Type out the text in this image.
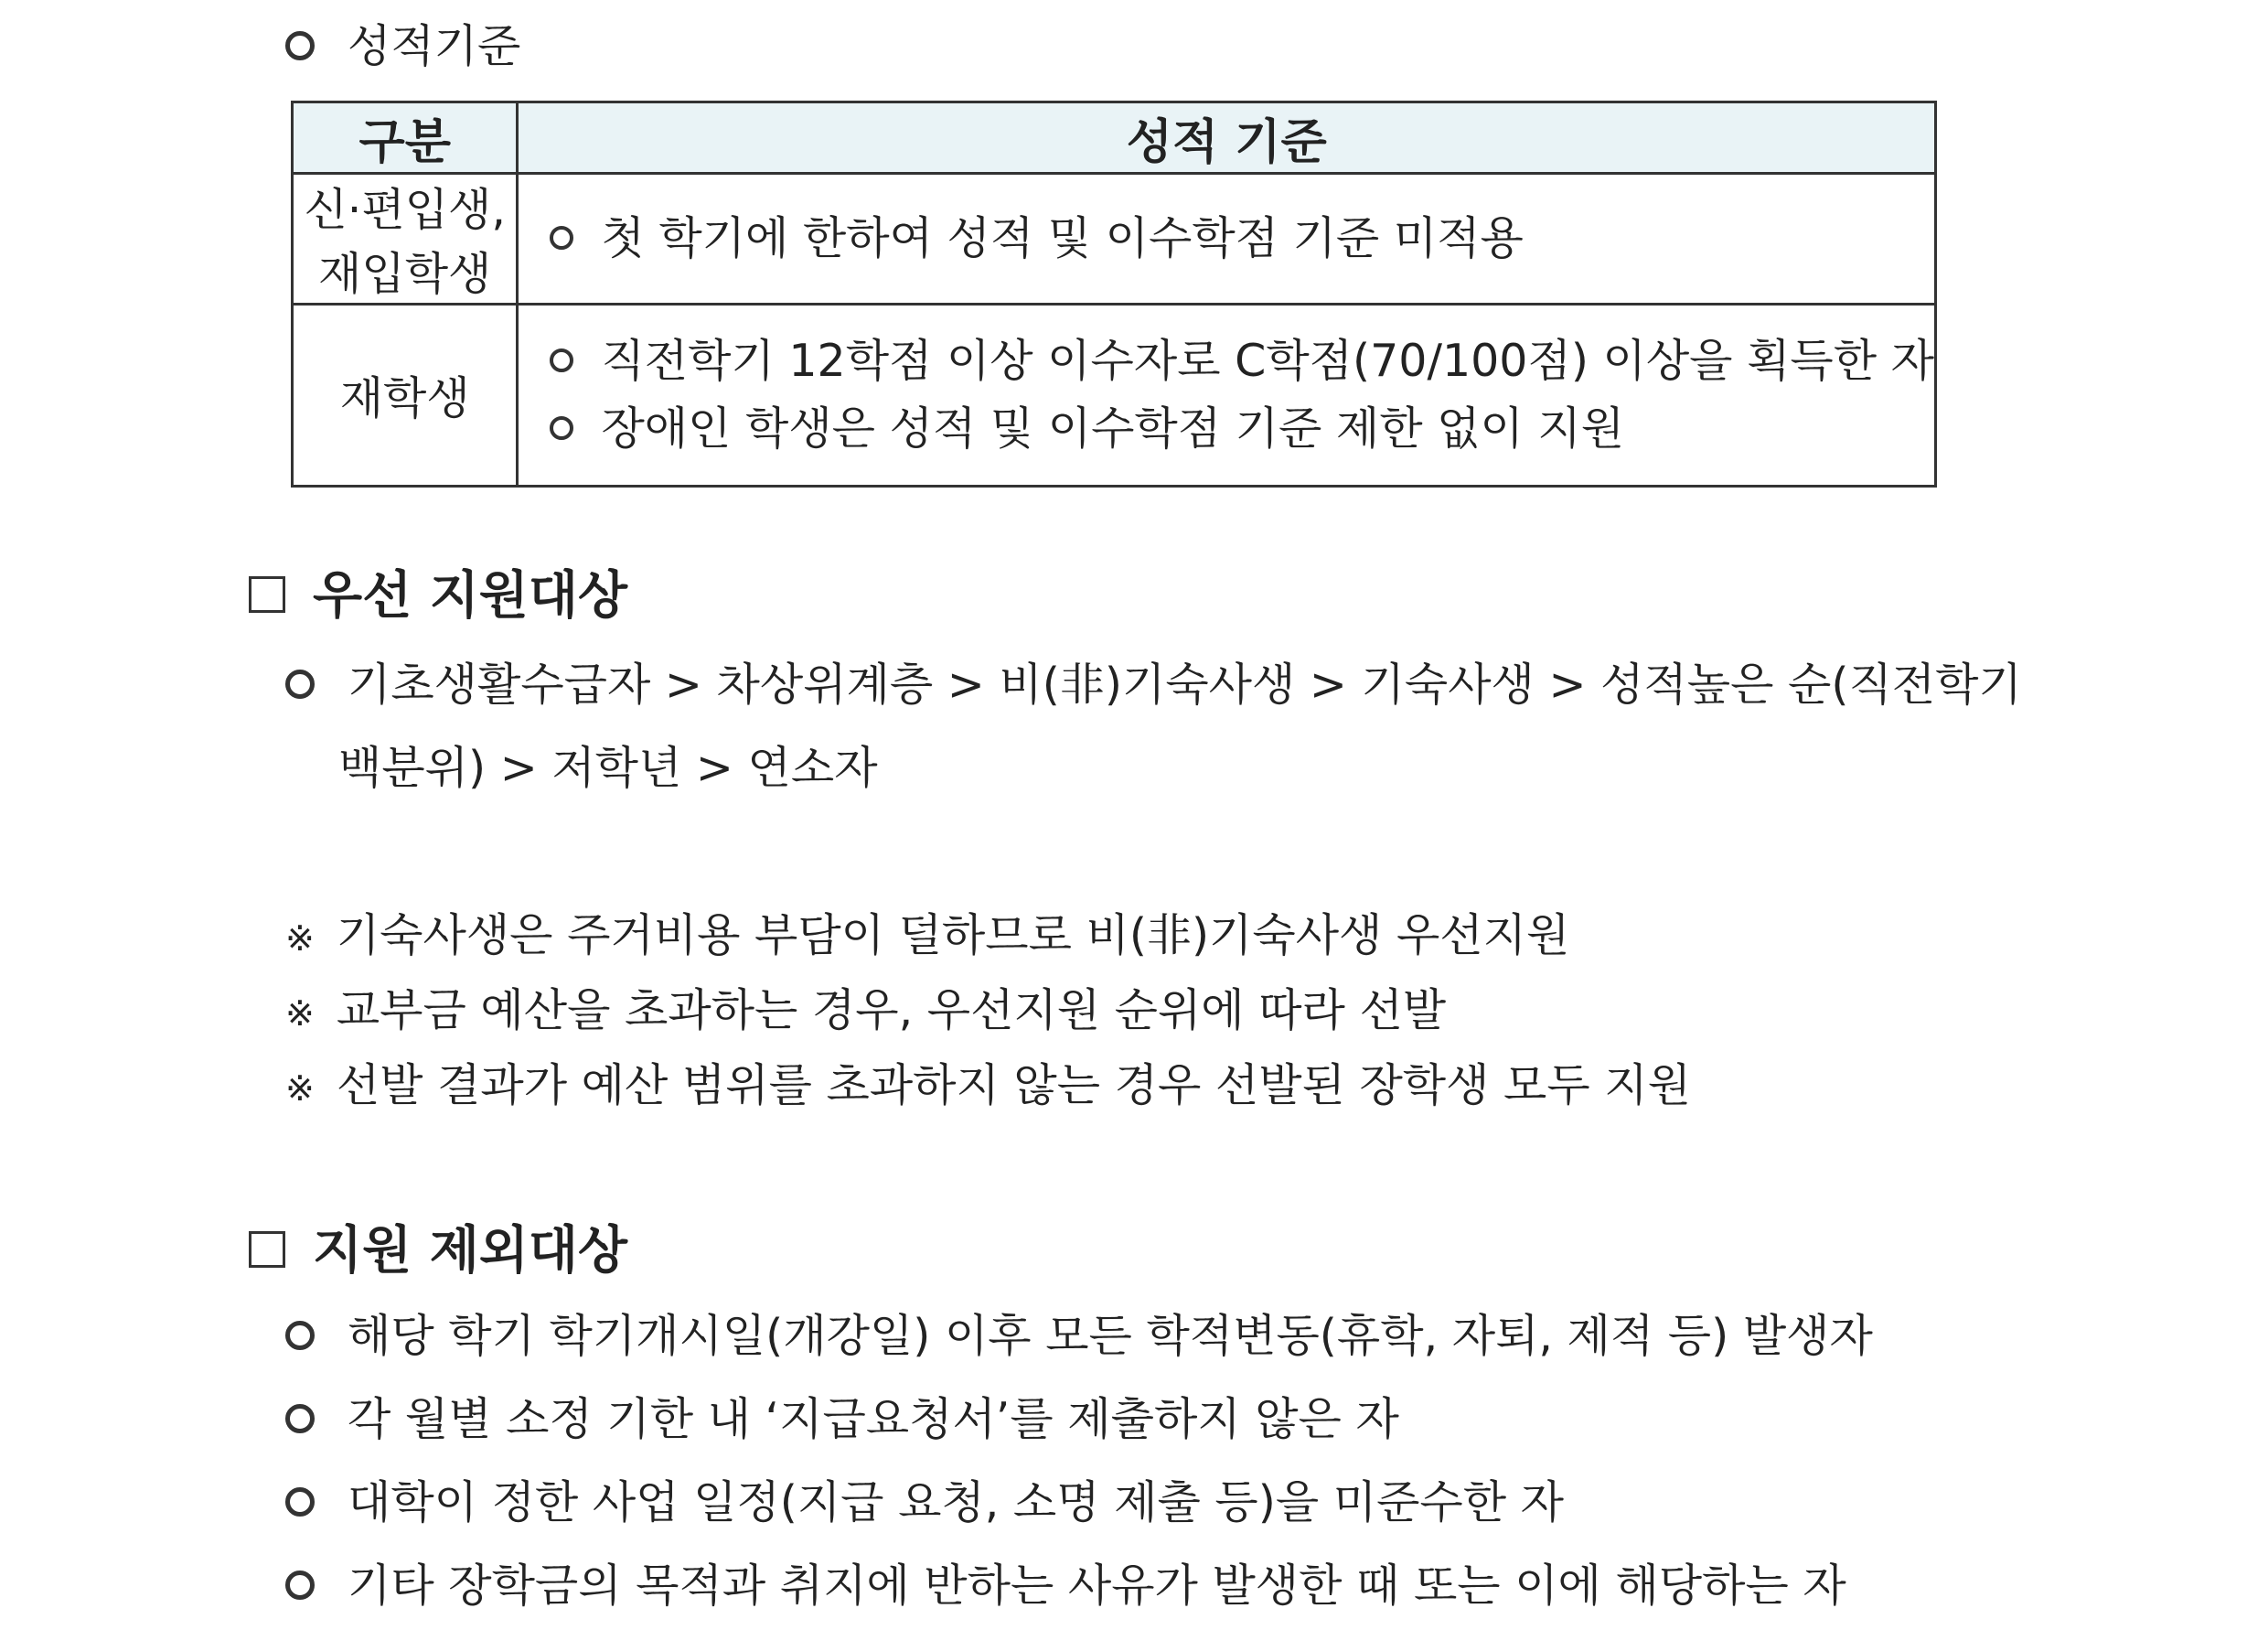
성적기준
구분	성적 기준
신·편입생, 재입학생	첫 학기에 한하여 성적 및 이수학점 기준 미적용

재학생	직전학기 12학점 이상 이수자로 C학점(70/100점) 이상을 획득한 자
장애인 학생은 성적 및 이수학점 기준 제한 없이 지원
우선 지원대상
기초생활수급자 > 차상위계층 > 비(非)기숙사생 > 기숙사생 > 성적높은 순(직전학기
백분위) > 저학년 > 연소자
※ 기숙사생은 주거비용 부담이 덜하므로 비(非)기숙사생 우선지원
※ 교부금 예산을 초과하는 경우, 우선지원 순위에 따라 선발
※ 선발 결과가 예산 범위를 초과하지 않는 경우 선발된 장학생 모두 지원
지원 제외대상
해당 학기 학기개시일(개강일) 이후 모든 학적변동(휴학, 자퇴, 제적 등) 발생자
각 월별 소정 기한 내 ‘지급요청서’를 제출하지 않은 자
대학이 정한 사업 일정(지급 요청, 소명 제출 등)을 미준수한 자
기타 장학금의 목적과 취지에 반하는 사유가 발생한 때 또는 이에 해당하는 자
